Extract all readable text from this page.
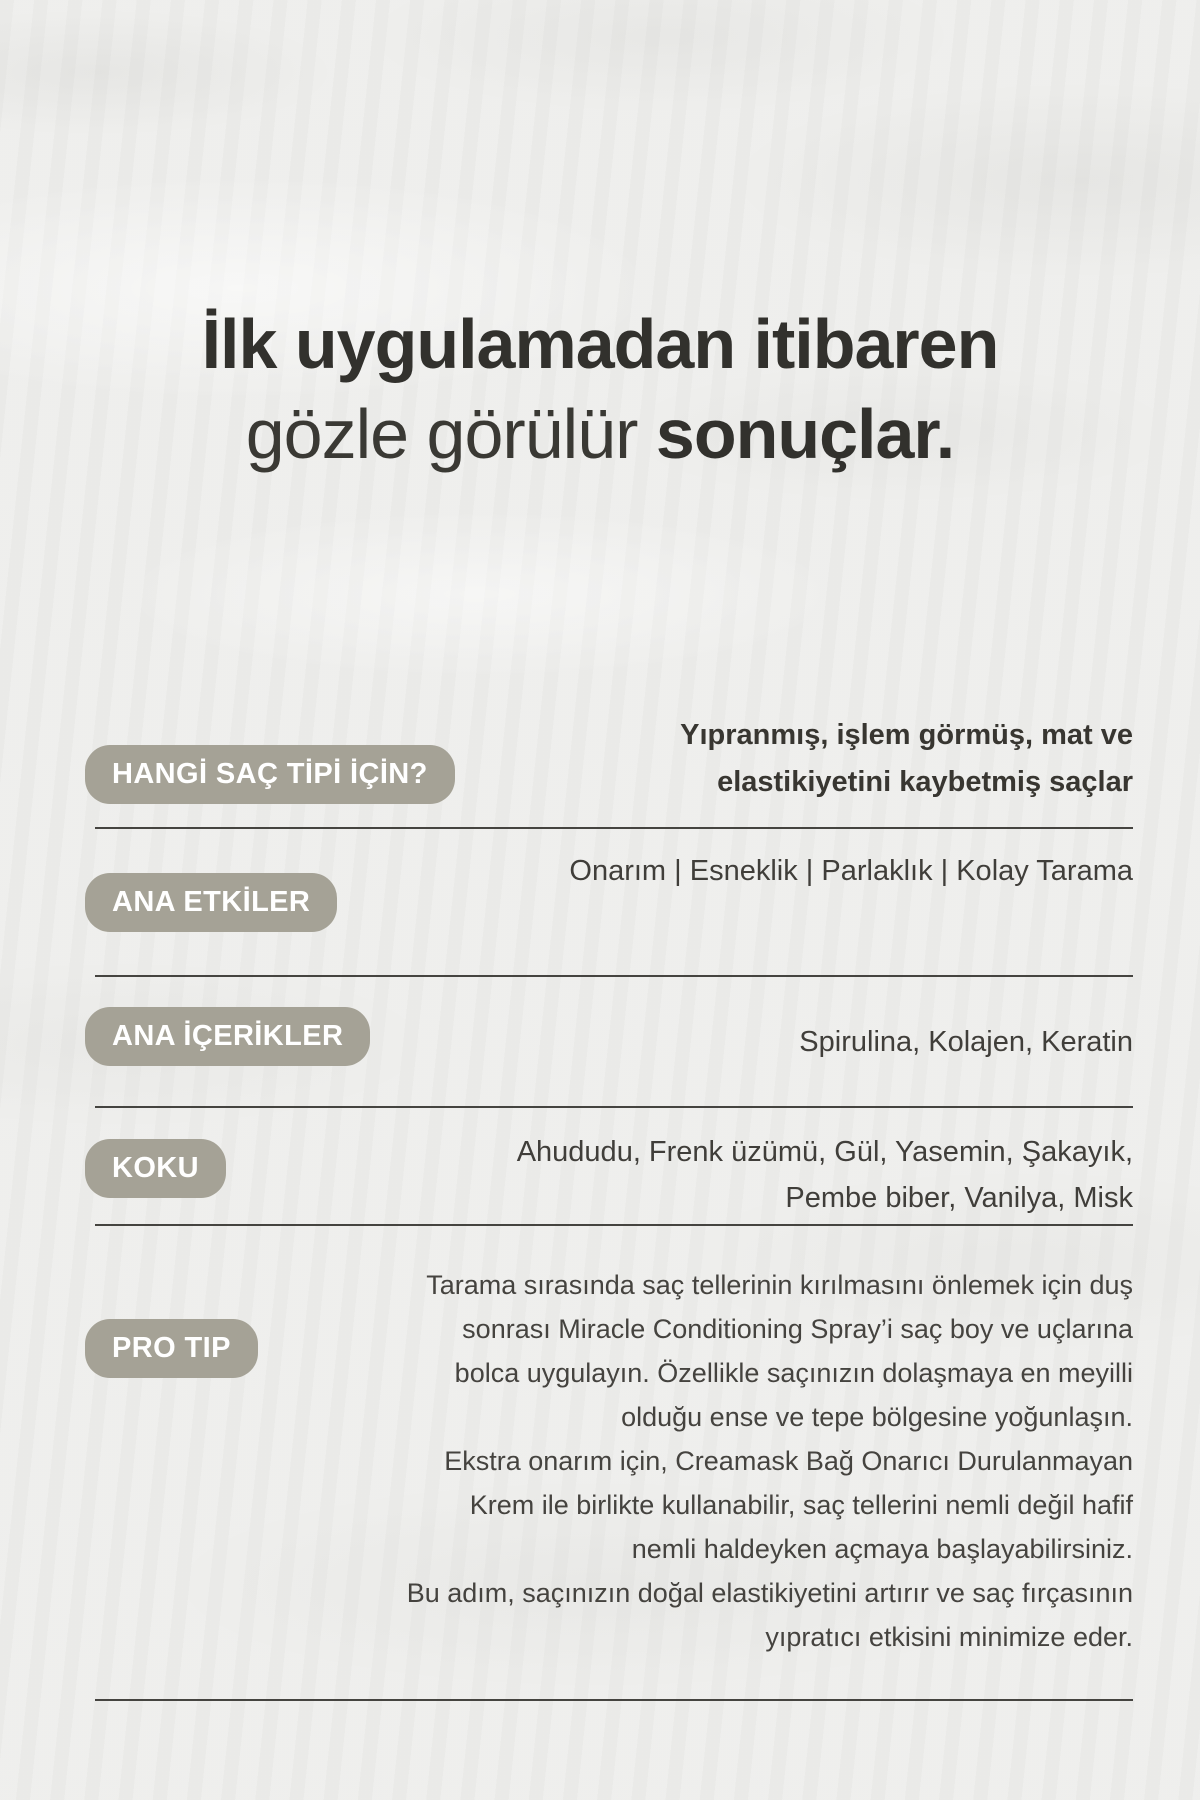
İlk uygulamadan itibaren
gözle görülür sonuçlar.
HANGİ SAÇ TİPİ İÇİN?
Yıpranmış, işlem görmüş, mat ve
elastikiyetini kaybetmiş saçlar
ANA ETKİLER
Onarım | Esneklik | Parlaklık | Kolay Tarama
ANA İÇERİKLER	Spirulina, Kolajen, Keratin
KOKU	Ahududu, Frenk üzümü, Gül, Yasemin, Şakayık,
Pembe biber, Vanilya, Misk
PRO TIP
Tarama sırasında saç tellerinin kırılmasını önlemek için duş
sonrası Miracle Conditioning Spray’i saç boy ve uçlarına
bolca uygulayın. Özellikle saçınızın dolaşmaya en meyilli
olduğu ense ve tepe bölgesine yoğunlaşın.
Ekstra onarım için, Creamask Bağ Onarıcı Durulanmayan
Krem ile birlikte kullanabilir, saç tellerini nemli değil hafif
nemli haldeyken açmaya başlayabilirsiniz.
Bu adım, saçınızın doğal elastikiyetini artırır ve saç fırçasının
yıpratıcı etkisini minimize eder.
